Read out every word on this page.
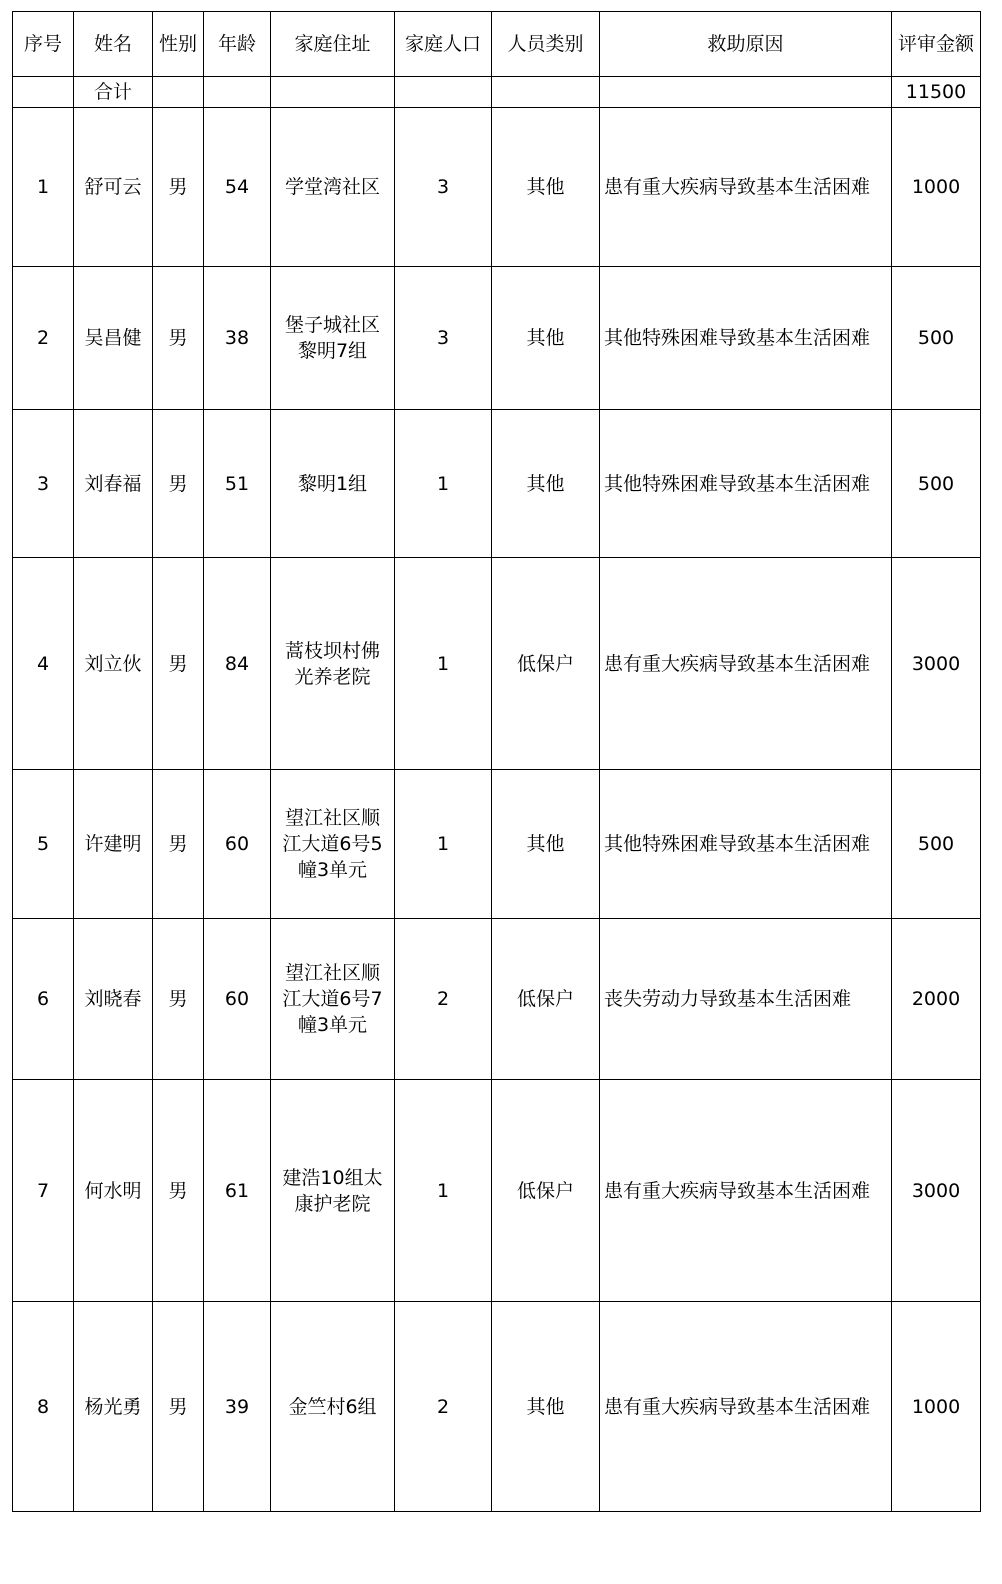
序号	姓名	性别	年龄	家庭住址	家庭人口	人员类别	救助原因	评审金额
	合计							11500
1	舒可云	男	54	学堂湾社区	3	其他	患有重大疾病导致基本生活困难	1000
2	吴昌健	男	38	堡子城社区黎明7组	3	其他	其他特殊困难导致基本生活困难	500
3	刘春福	男	51	黎明1组	1	其他	其他特殊困难导致基本生活困难	500
4	刘立伙	男	84	蒿枝坝村佛光养老院	1	低保户	患有重大疾病导致基本生活困难	3000
5	许建明	男	60	望江社区顺江大道6号5幢3单元	1	其他	其他特殊困难导致基本生活困难	500
6	刘晓春	男	60	望江社区顺江大道6号7幢3单元	2	低保户	丧失劳动力导致基本生活困难	2000
7	何水明	男	61	建浩10组太康护老院	1	低保户	患有重大疾病导致基本生活困难	3000
8	杨光勇	男	39	金竺村6组	2	其他	患有重大疾病导致基本生活困难	1000
